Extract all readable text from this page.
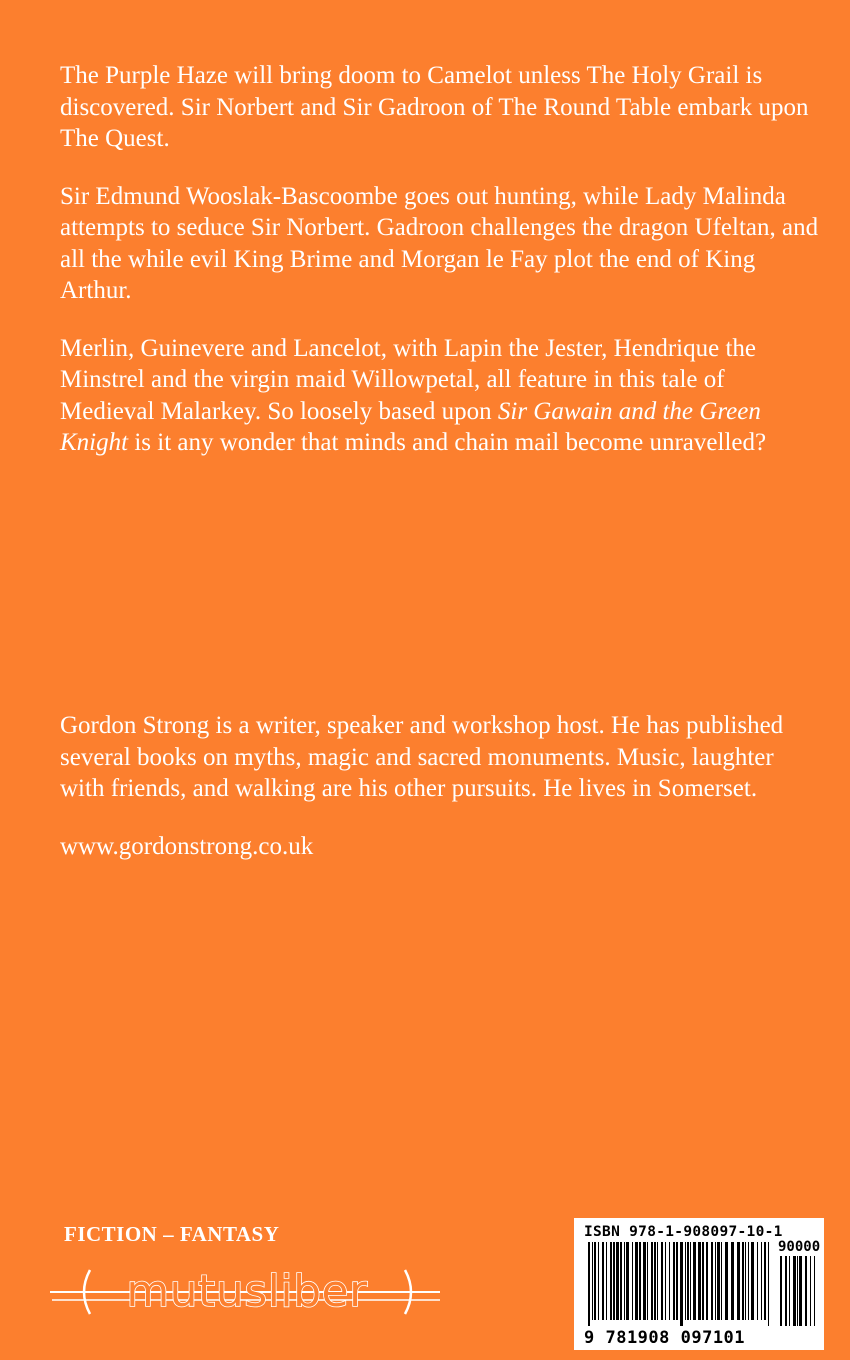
The Purple Haze will bring doom to Camelot unless The Holy Grail is discovered. Sir Norbert and Sir Gadroon of The Round Table embark upon The Quest.

Sir Edmund Wooslak-Bascoombe goes out hunting, while Lady Malinda attempts to seduce Sir Norbert. Gadroon challenges the dragon Ufeltan, and all the while evil King Brime and Morgan le Fay plot the end of King Arthur.

Merlin, Guinevere and Lancelot, with Lapin the Jester, Hendrique the Minstrel and the virgin maid Willowpetal, all feature in this tale of Medieval Malarkey. So loosely based upon Sir Gawain and the Green Knight is it any wonder that minds and chain mail become unravelled?

Gordon Strong is a writer, speaker and workshop host. He has published several books on myths, magic and sacred monuments. Music, laughter with friends, and walking are his other pursuits. He lives in Somerset.

www.gordonstrong.co.uk

FICTION – FANTASY
mutusliber
ISBN 978-1-908097-10-1
90000
9 781908 097101
